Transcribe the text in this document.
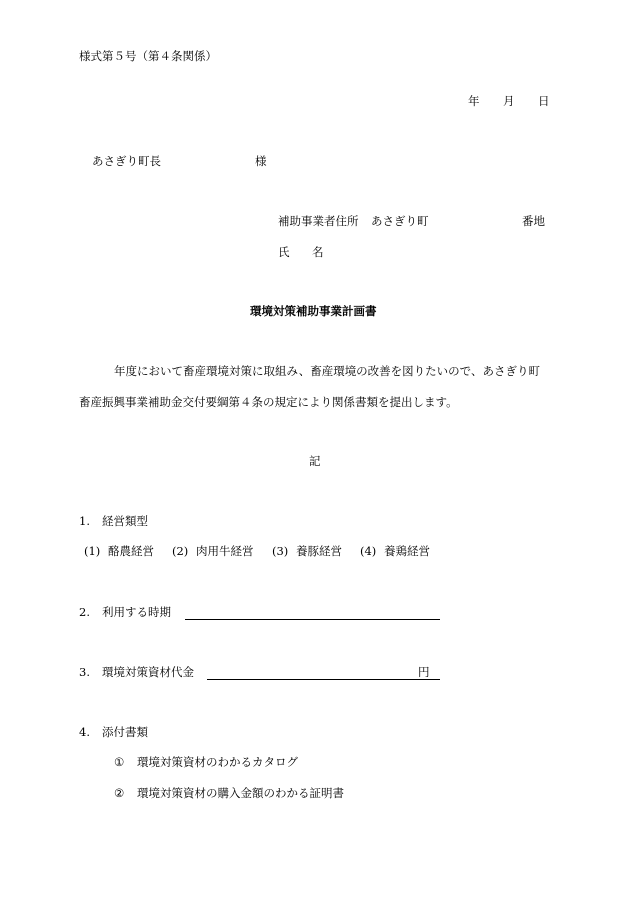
様式第５号（第４条関係）
年 月 日
あさぎり町長	様
補助事業者住所 あさぎり町	番地
氏 名
環境対策補助事業計画書
年度において畜産環境対策に取組み、畜産環境の改善を図りたいので、あさぎり町
畜産振興事業補助金交付要綱第４条の規定により関係書類を提出します。
記
1. 経営類型
(1) 酪農経営 (2) 肉用牛経営 (3) 養豚経営 (4) 養鶏経営
2. 利用する時期
3. 環境対策資材代金	円
4. 添付書類
① 環境対策資材のわかるカタログ
② 環境対策資材の購入金額のわかる証明書
